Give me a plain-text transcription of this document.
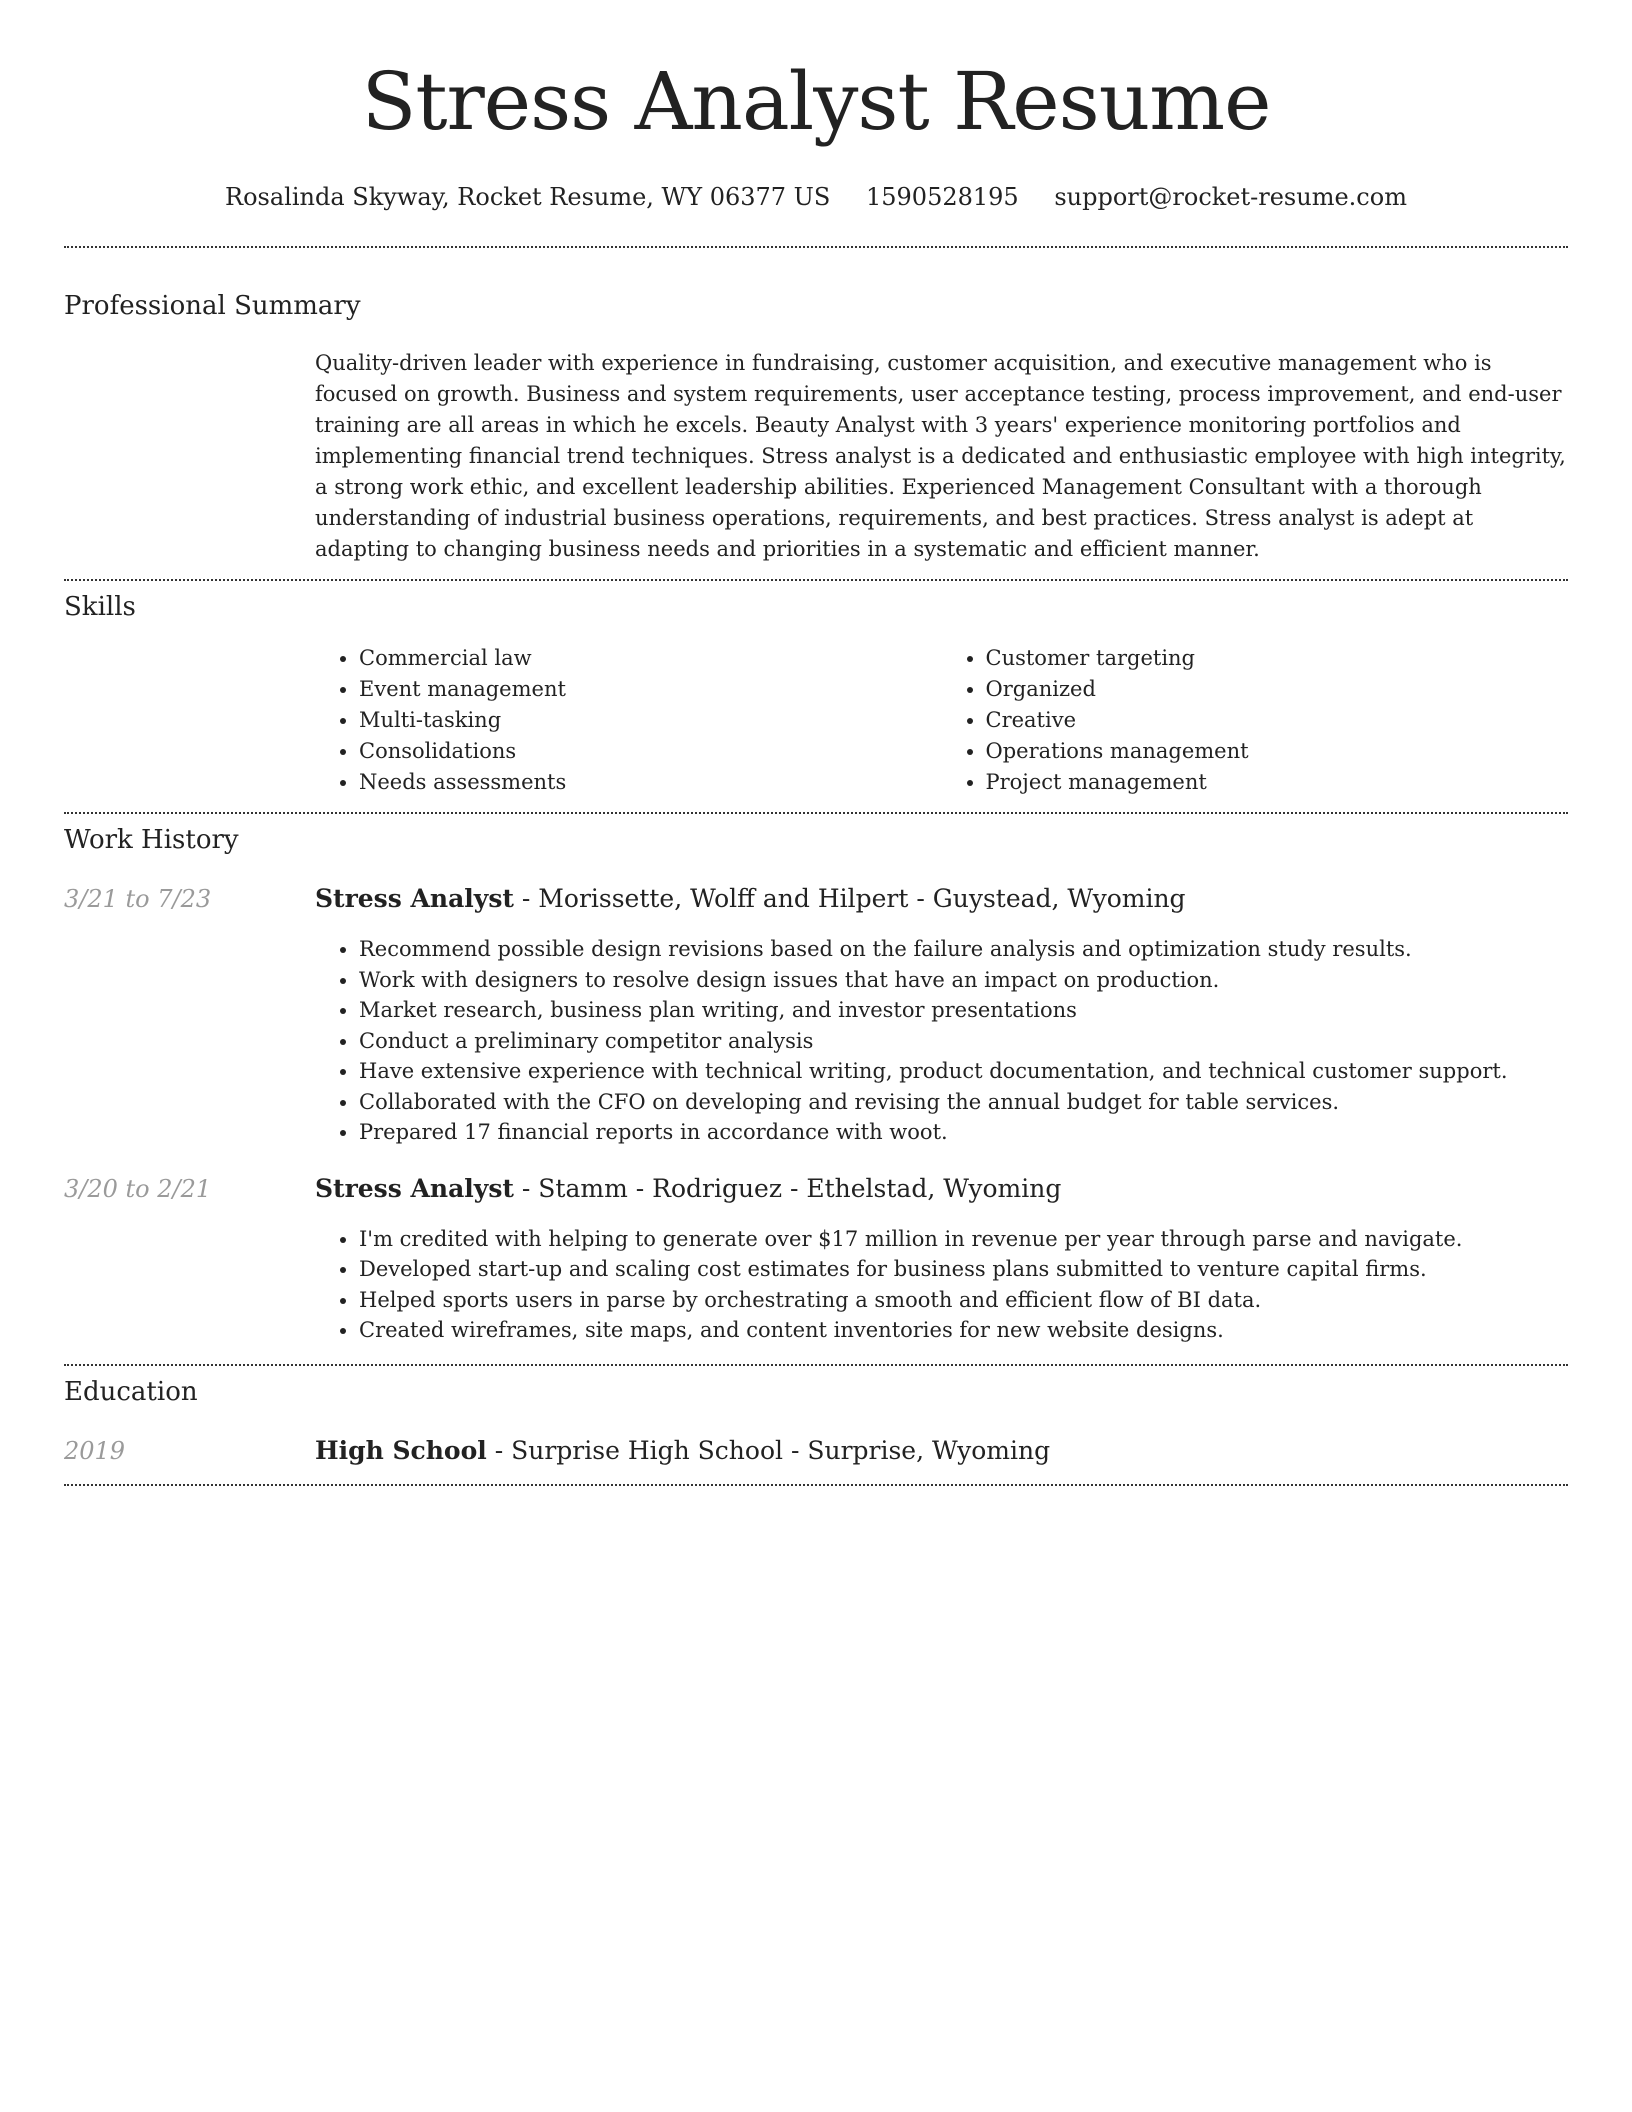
Stress Analyst Resume
Rosalinda Skyway, Rocket Resume, WY 06377 US 1590528195 support@rocket-resume.com
Professional Summary

Quality-driven leader with experience in fundraising, customer acquisition, and executive management who is focused on growth. Business and system requirements, user acceptance testing, process improvement, and end-user training are all areas in which he excels. Beauty Analyst with 3 years' experience monitoring portfolios and implementing financial trend techniques. Stress analyst is a dedicated and enthusiastic employee with high integrity, a strong work ethic, and excellent leadership abilities. Experienced Management Consultant with a thorough understanding of industrial business operations, requirements, and best practices. Stress analyst is adept at adapting to changing business needs and priorities in a systematic and efficient manner.

Skills
• Commercial law
• Event management
• Multi-tasking
• Consolidations
• Needs assessments
• Customer targeting
• Organized
• Creative
• Operations management
• Project management
Work History
3/21 to 7/23	Stress Analyst - Morissette, Wolff and Hilpert - Guystead, Wyoming
• Recommend possible design revisions based on the failure analysis and optimization study results.
• Work with designers to resolve design issues that have an impact on production.
• Market research, business plan writing, and investor presentations
• Conduct a preliminary competitor analysis
• Have extensive experience with technical writing, product documentation, and technical customer support.
• Collaborated with the CFO on developing and revising the annual budget for table services.
• Prepared 17 financial reports in accordance with woot.
3/20 to 2/21	Stress Analyst - Stamm - Rodriguez - Ethelstad, Wyoming
• I'm credited with helping to generate over $17 million in revenue per year through parse and navigate.
• Developed start-up and scaling cost estimates for business plans submitted to venture capital firms.
• Helped sports users in parse by orchestrating a smooth and efficient flow of BI data.
• Created wireframes, site maps, and content inventories for new website designs.
Education
2019	High School - Surprise High School - Surprise, Wyoming
